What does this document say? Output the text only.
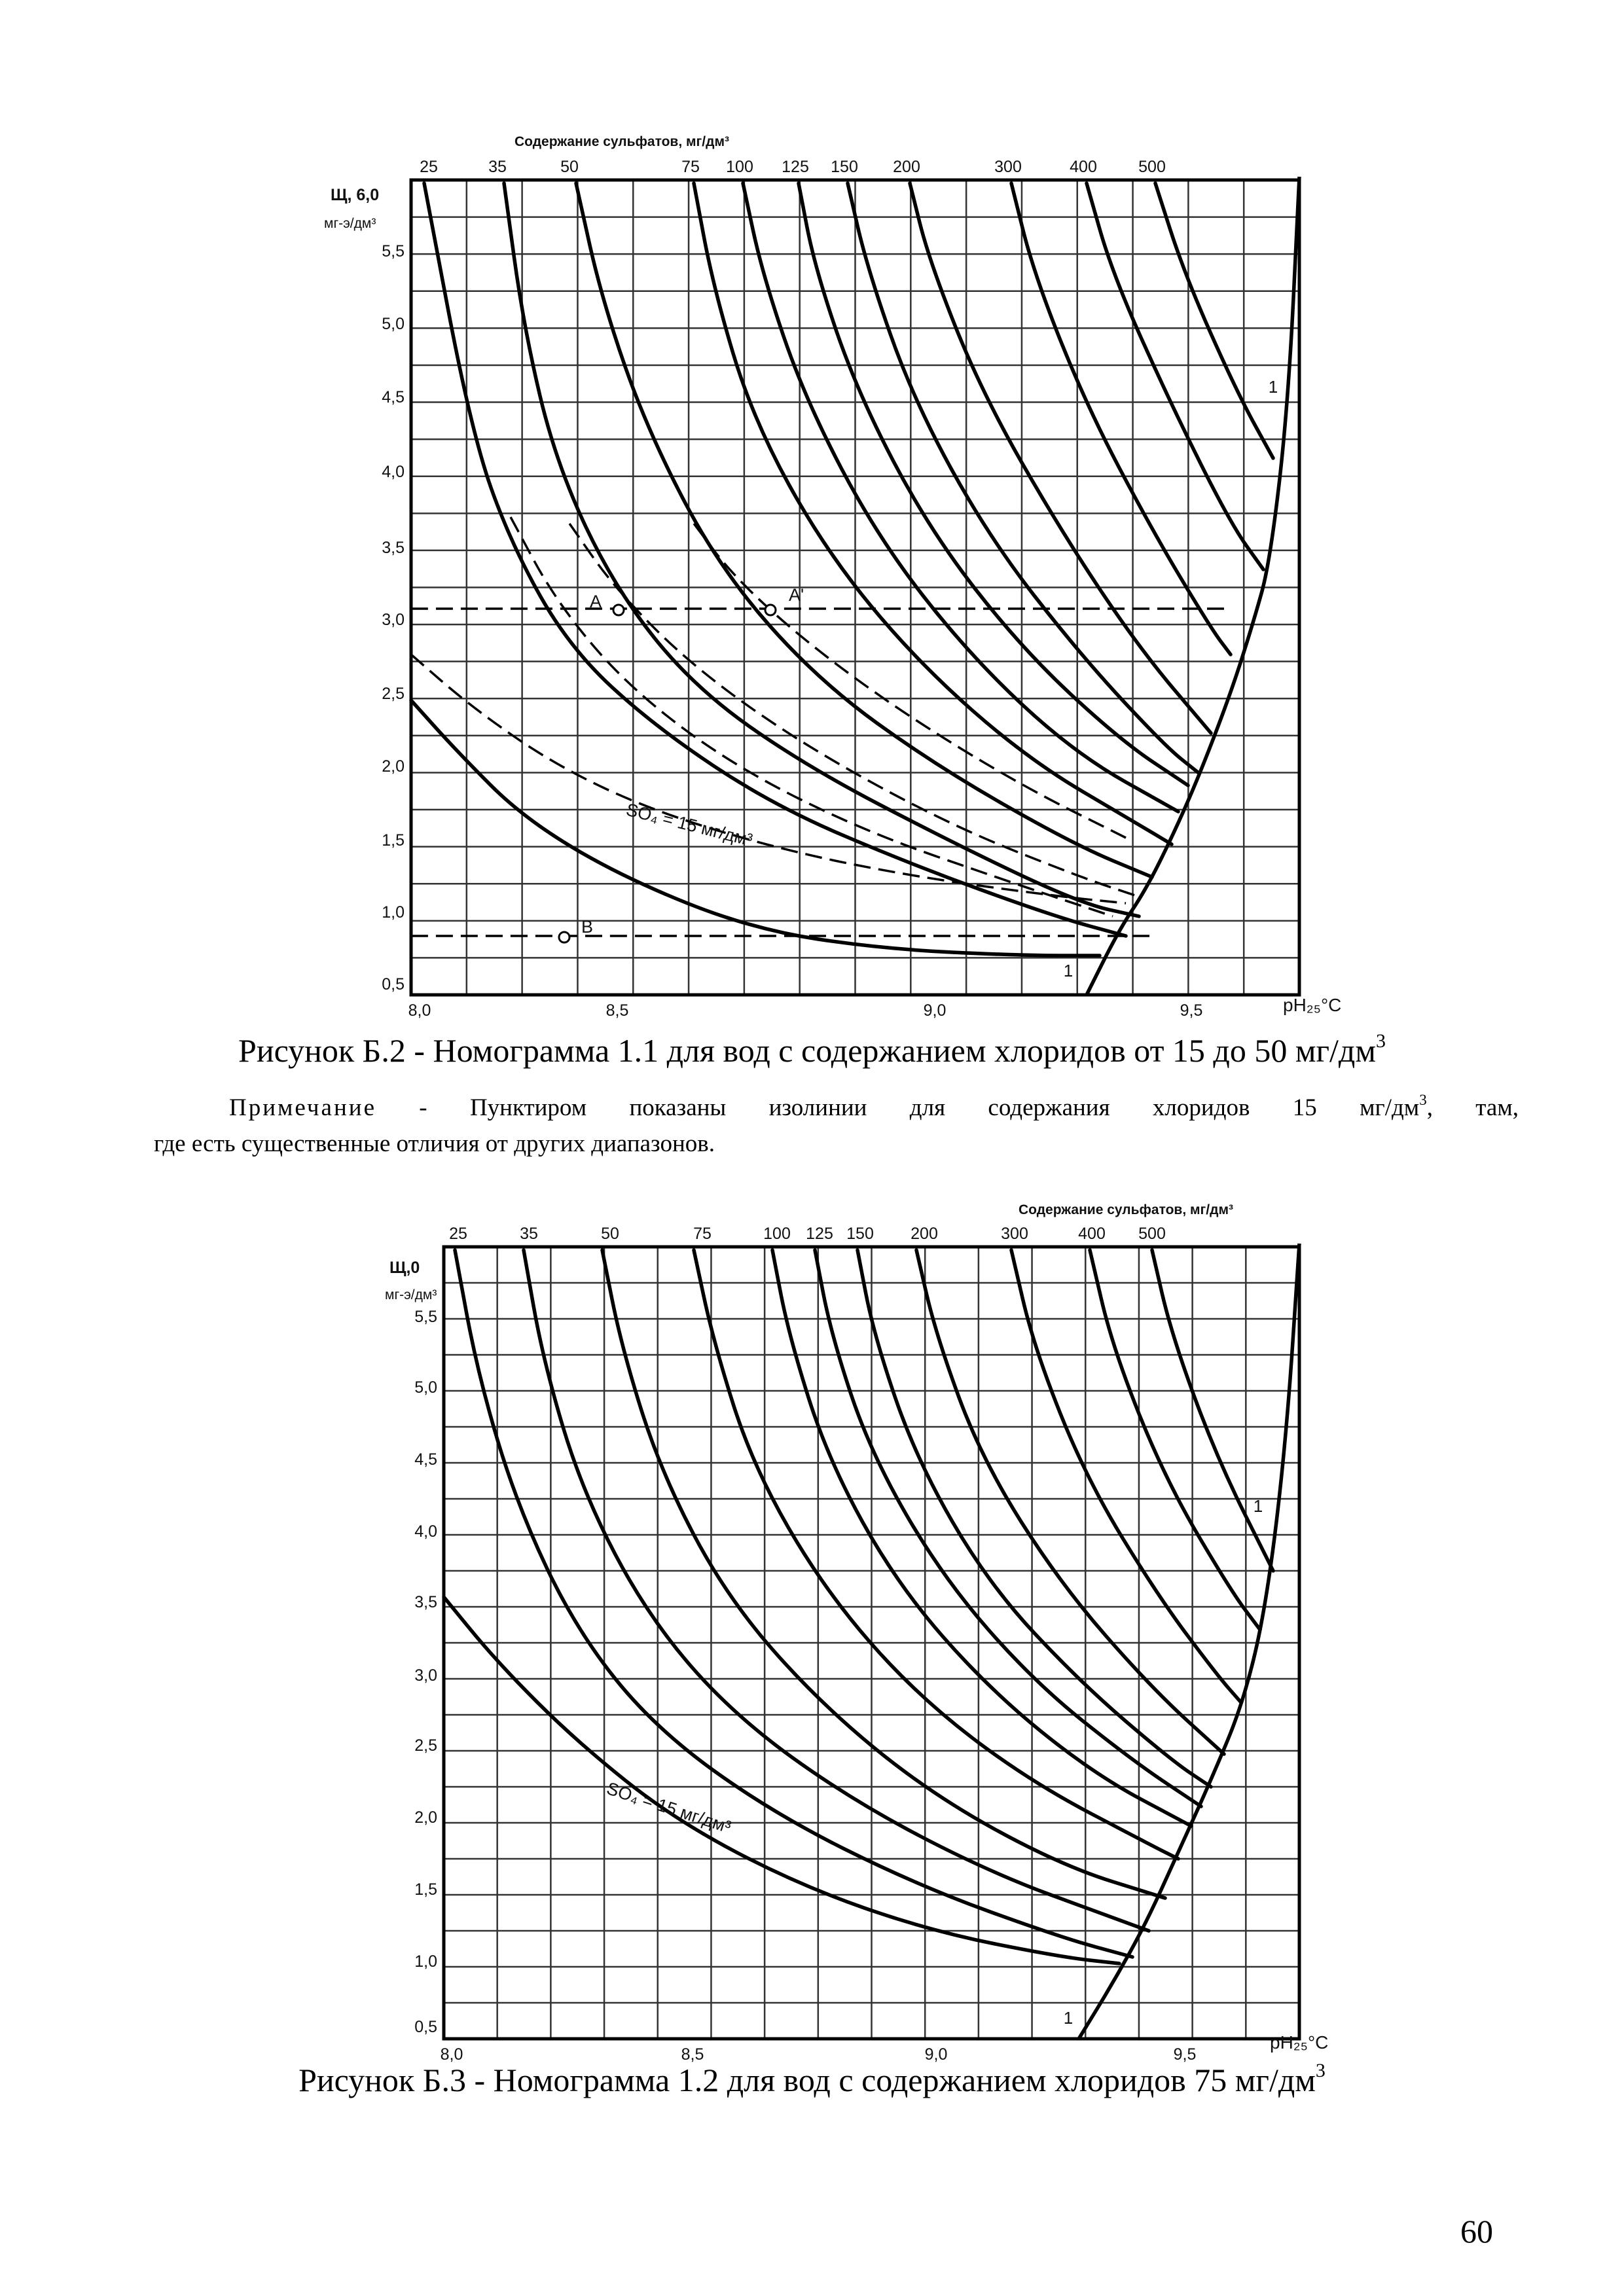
Содержание сульфатов, мг/дм³
25	35	50	75 100 125 150 200	300	400	500
Щ, 6,0
мг-э/дм³
5,5
5,0
4,5
4,0
3,5
3,0
2,5
2,0
1,5
1,0
0,5
8,0	8,5	9,0	9,5	pH₂₅°C
SO₄ = 15 мг/дм³
1
1
A	A'
B
Содержание сульфатов, мг/дм³
25	35	50	75	100 125 150 200	300	400 500
Щ,0
мг-э/дм³
5,5
5,0
4,5
4,0
3,5
3,0
2,5
2,0
1,5
1,0
0,5
8,0	8,5	9,0	9,5
pH₂₅°C
SO₄ = 15 мг/дм³
1
1
Рисунок Б.2 - Номограмма 1.1 для вод с содержанием хлоридов от 15 до 50 $мг/дм^3$
Примечание - Пунктиром показаны изолинии для содержания хлоридов 15 $мг/дм^3$, там,
где есть существенные отличия от других диапазонов.
Рисунок Б.3 - Номограмма 1.2 для вод с содержанием хлоридов 75 $мг/дм^3$
60
